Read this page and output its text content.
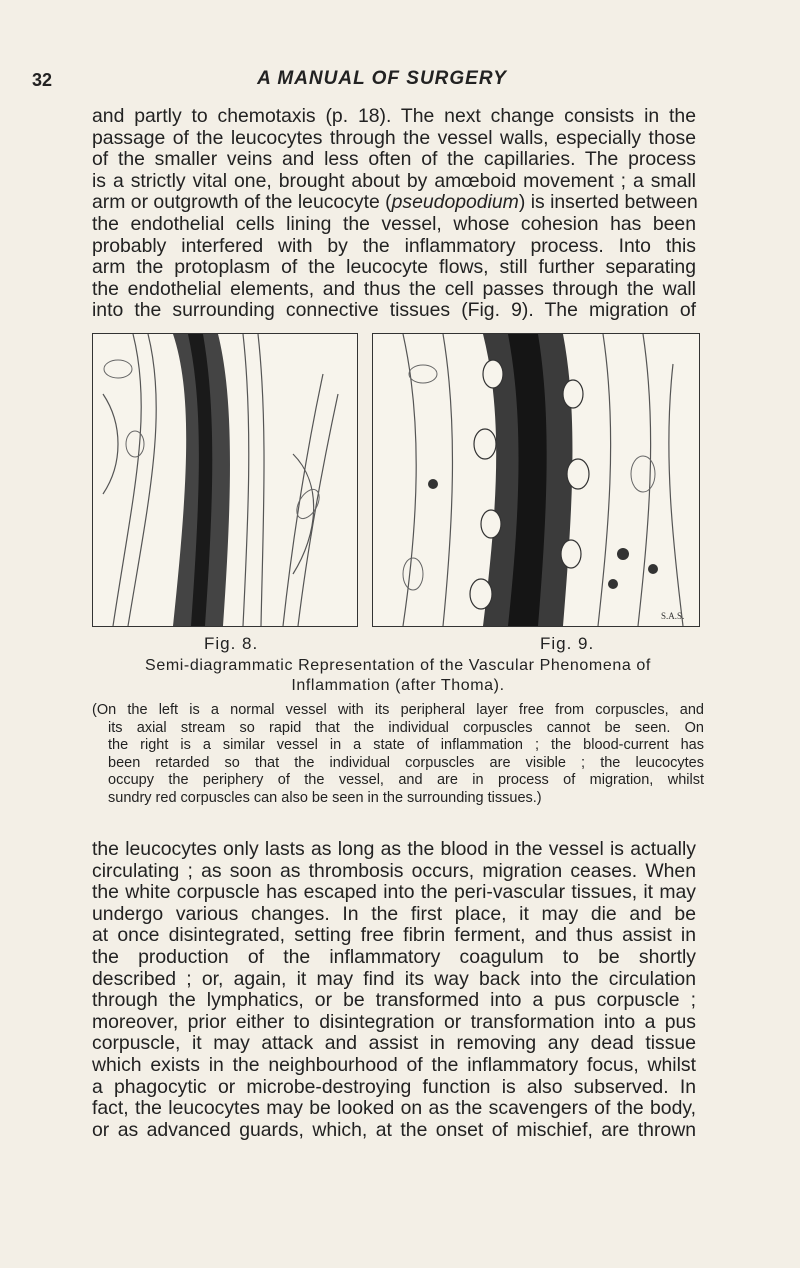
32	A MANUAL OF SURGERY

and partly to chemotaxis (p. 18). The next change consists in the
passage of the leucocytes through the vessel walls, especially those
of the smaller veins and less often of the capillaries. The process
is a strictly vital one, brought about by amœboid movement ; a small
arm or outgrowth of the leucocyte (pseudopodium) is inserted between
the endothelial cells lining the vessel, whose cohesion has been
probably interfered with by the inflammatory process. Into this
arm the protoplasm of the leucocyte flows, still further separating
the endothelial elements, and thus the cell passes through the wall
into the surrounding connective tissues (Fig. 9). The migration of

S.A.S.
Fig. 8.	Fig. 9.
Semi-diagrammatic Representation of the Vascular Phenomena of
Inflammation (after Thoma).

(On the left is a normal vessel with its peripheral layer free from corpuscles, and
its axial stream so rapid that the individual corpuscles cannot be seen. On
the right is a similar vessel in a state of inflammation ; the blood-current has
been retarded so that the individual corpuscles are visible ; the leucocytes
occupy the periphery of the vessel, and are in process of migration, whilst
sundry red corpuscles can also be seen in the surrounding tissues.)

the leucocytes only lasts as long as the blood in the vessel is actually
circulating ; as soon as thrombosis occurs, migration ceases. When
the white corpuscle has escaped into the peri-vascular tissues, it may
undergo various changes. In the first place, it may die and be
at once disintegrated, setting free fibrin ferment, and thus assist in
the production of the inflammatory coagulum to be shortly
described ; or, again, it may find its way back into the circulation
through the lymphatics, or be transformed into a pus corpuscle ;
moreover, prior either to disintegration or transformation into a pus
corpuscle, it may attack and assist in removing any dead tissue
which exists in the neighbourhood of the inflammatory focus, whilst
a phagocytic or microbe-destroying function is also subserved. In
fact, the leucocytes may be looked on as the scavengers of the body,
or as advanced guards, which, at the onset of mischief, are thrown
